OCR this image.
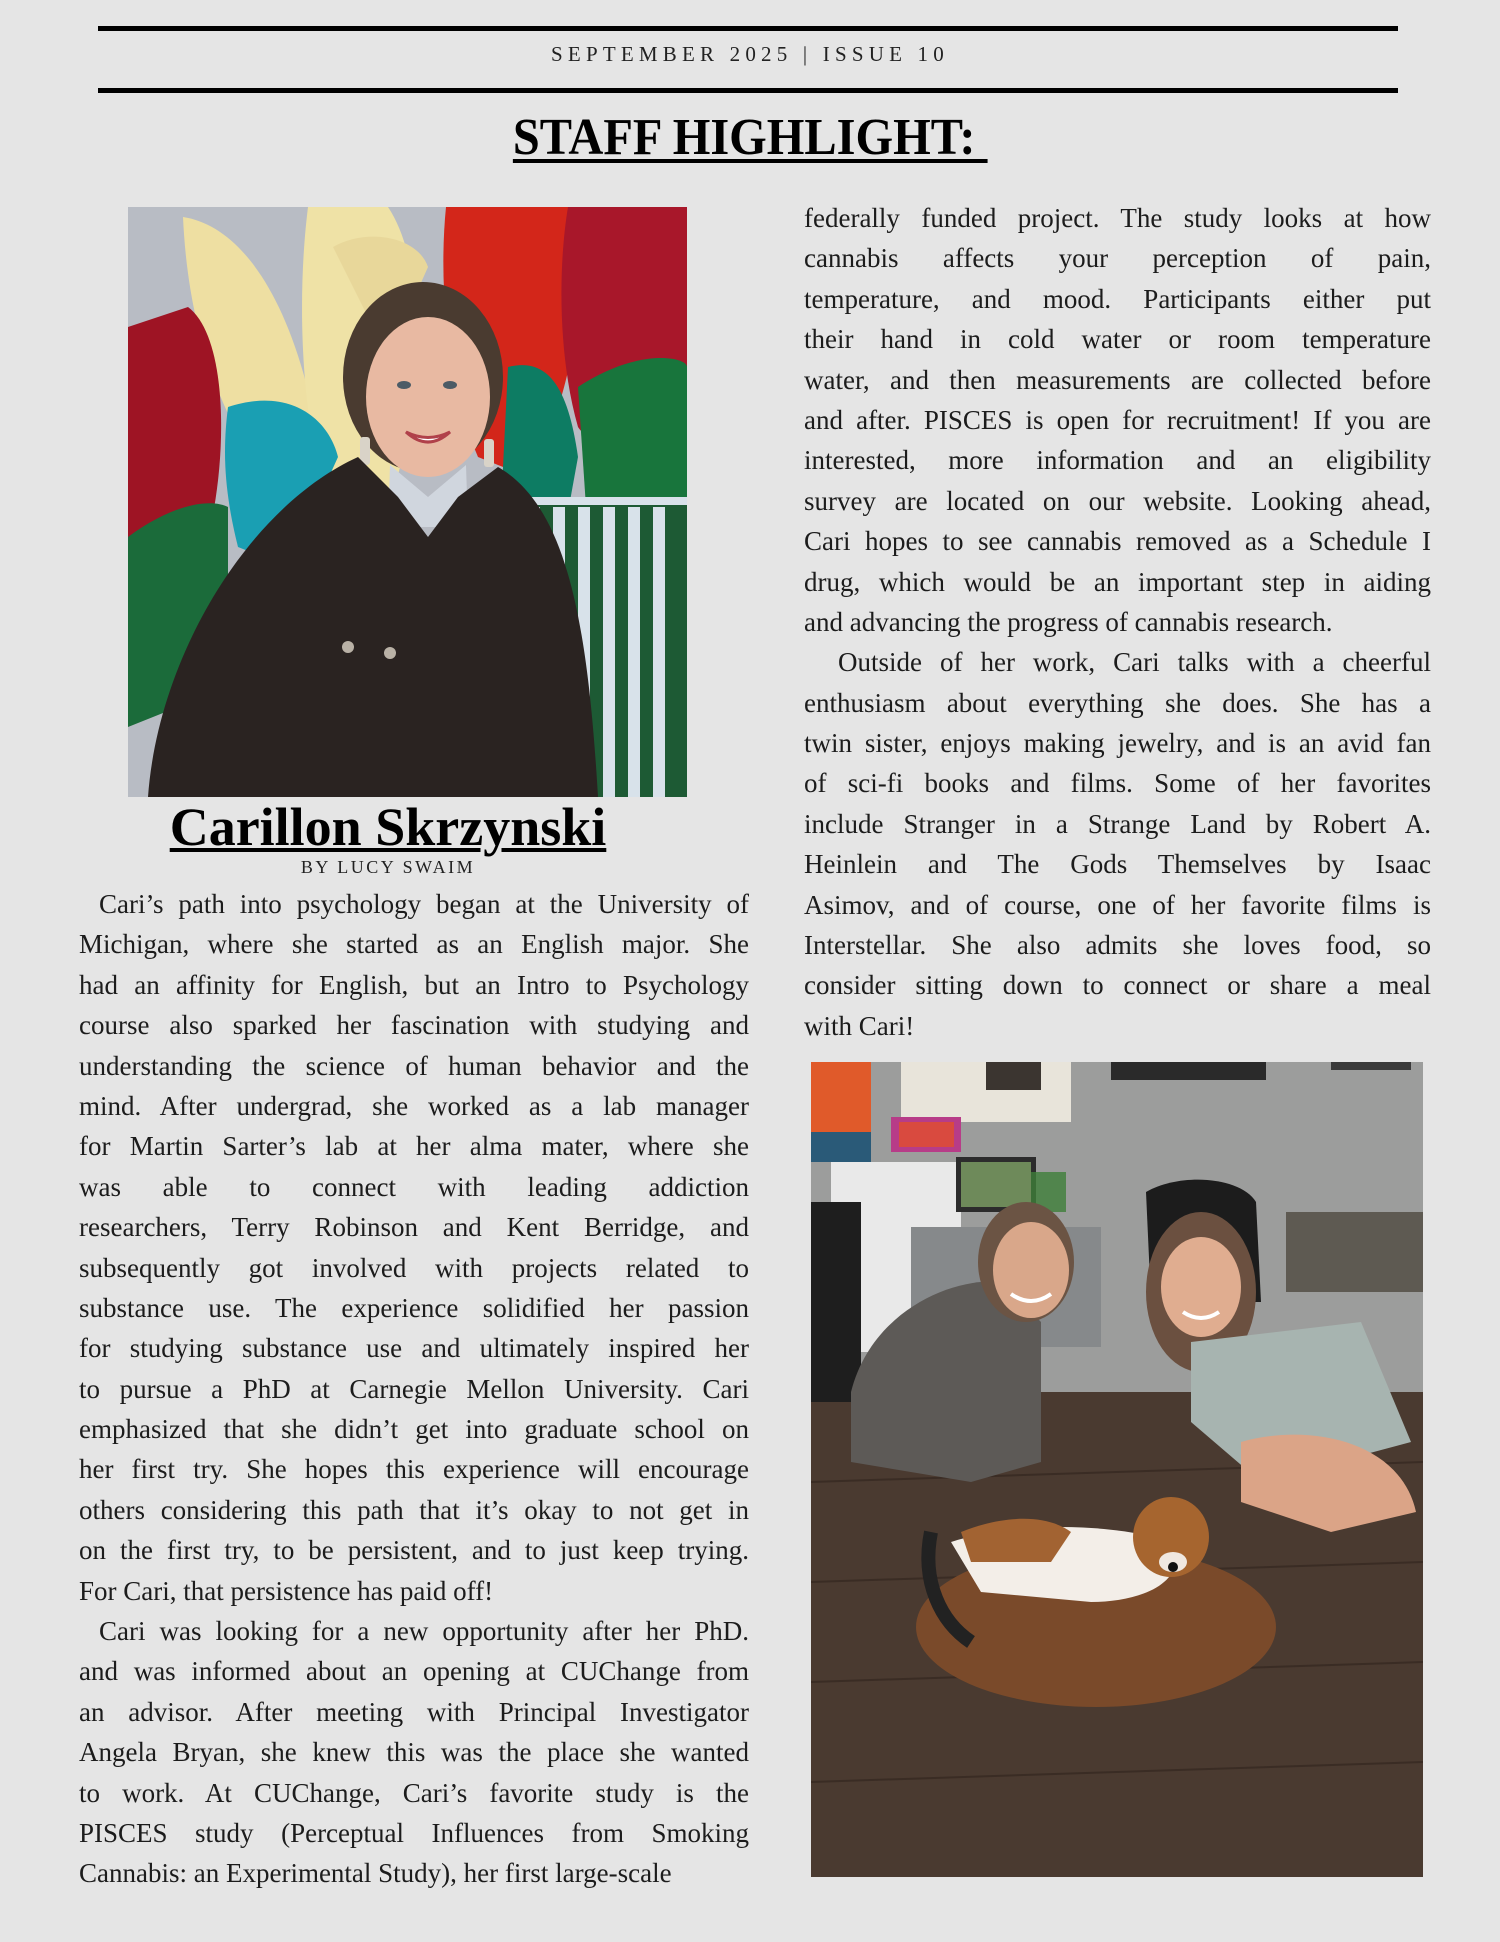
SEPTEMBER 2025 | ISSUE 10
STAFF HIGHLIGHT:
Carillon Skrzynski
BY LUCY SWAIM
Cari’s path into psychology began at the University of
Michigan, where she started as an English major. She
had an affinity for English, but an Intro to Psychology
course also sparked her fascination with studying and
understanding the science of human behavior and the
mind. After undergrad, she worked as a lab manager
for Martin Sarter’s lab at her alma mater, where she
was able to connect with leading addiction
researchers, Terry Robinson and Kent Berridge, and
subsequently got involved with projects related to
substance use. The experience solidified her passion
for studying substance use and ultimately inspired her
to pursue a PhD at Carnegie Mellon University. Cari
emphasized that she didn’t get into graduate school on
her first try. She hopes this experience will encourage
others considering this path that it’s okay to not get in
on the first try, to be persistent, and to just keep trying.
For Cari, that persistence has paid off!
Cari was looking for a new opportunity after her PhD.
and was informed about an opening at CUChange from
an advisor. After meeting with Principal Investigator
Angela Bryan, she knew this was the place she wanted
to work. At CUChange, Cari’s favorite study is the
PISCES study (Perceptual Influences from Smoking
Cannabis: an Experimental Study), her first large-scale
federally funded project. The study looks at how
cannabis affects your perception of pain,
temperature, and mood. Participants either put
their hand in cold water or room temperature
water, and then measurements are collected before
and after. PISCES is open for recruitment! If you are
interested, more information and an eligibility
survey are located on our website. Looking ahead,
Cari hopes to see cannabis removed as a Schedule I
drug, which would be an important step in aiding
and advancing the progress of cannabis research.
Outside of her work, Cari talks with a cheerful
enthusiasm about everything she does. She has a
twin sister, enjoys making jewelry, and is an avid fan
of sci-fi books and films. Some of her favorites
include Stranger in a Strange Land by Robert A.
Heinlein and The Gods Themselves by Isaac
Asimov, and of course, one of her favorite films is
Interstellar. She also admits she loves food, so
consider sitting down to connect or share a meal
with Cari!
